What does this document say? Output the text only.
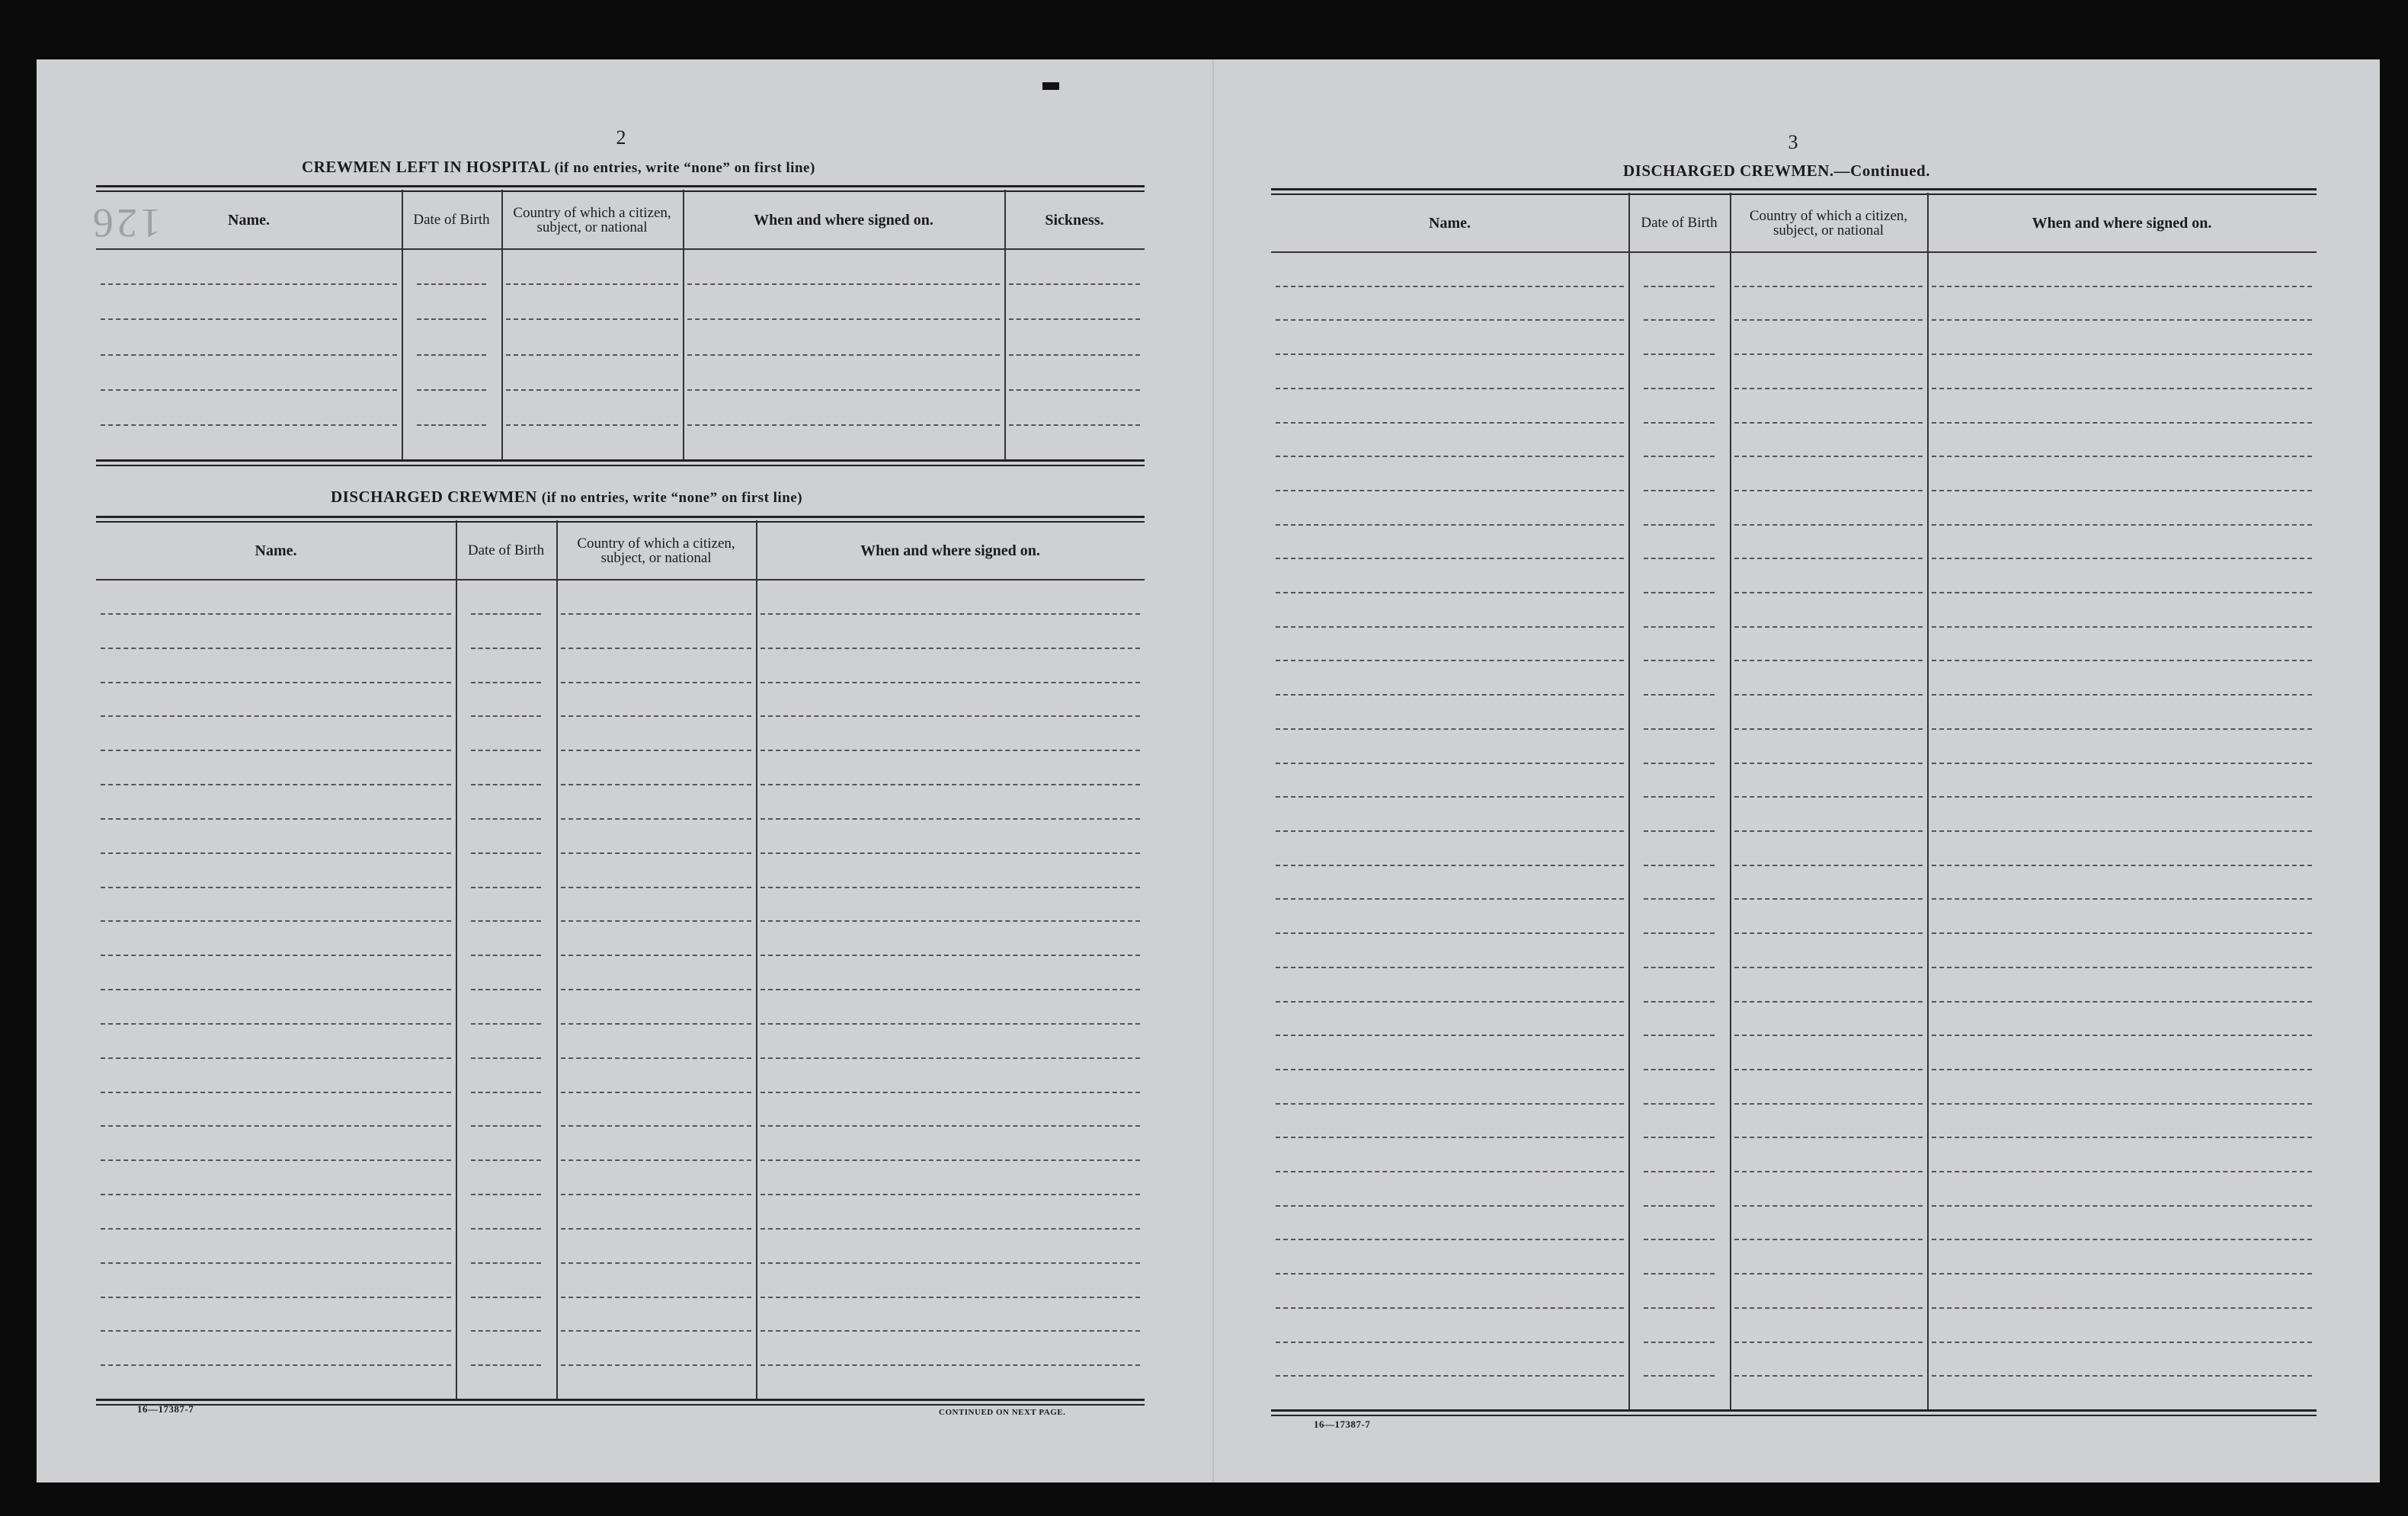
126
2
CREWMEN LEFT IN HOSPITAL (if no entries, write “none” on first line)
DISCHARGED CREWMEN (if no entries, write “none” on first line)
16—17387-7	CONTINUED ON NEXT PAGE.
3
DISCHARGED CREWMEN.—Continued.
16—17387-7
Name.	Date of Birth	Country of which a citizen, subject, or national	When and where signed on.	Sickness.
Name.	Date of Birth	Country of which a citizen, subject, or national	When and where signed on.
Name.	Date of Birth	Country of which a citizen, subject, or national	When and where signed on.
